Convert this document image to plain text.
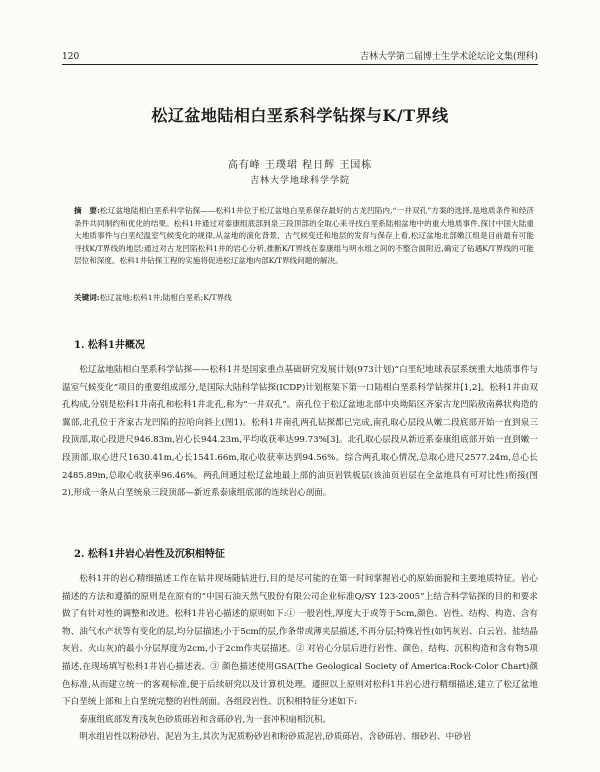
120	吉林大学第二届博士生学术论坛论文集(理科)
松辽盆地陆相白垩系科学钻探与K/T界线
高有峰 王璞珺 程日辉 王国栋
吉林大学地球科学学院
摘　要:松辽盆地陆相白垩系科学钻探——松科1井位于松辽盆地白垩系保存最好的古龙凹陷内,“一井双孔”方案的选择,是地质条件和经济条件共同制约和优化的结果。松科1井通过对泰康组底部到泉三段顶部的全取心来寻找白垩系陆相盆地中的重大地质事件,探讨中国大陆重大地质事件与白垩纪温室气候变化的规律,从盆地的演化背景、古气候变迁和地层的发育与保存上看,松辽盆地北部嫩江组是目前最有可能寻找K/T界线的地层;通过对古龙凹陷松科1井的岩心分析,推断K/T界线在泰康组与明水组之间的不整合面附近,确定了钻遇K/T界线的可能层位和深度。松科1井钻探工程的实施将促进松辽盆地内部K/T界线问题的解决。
关键词:松辽盆地;松科1井;陆相白垩系;K/T界线
1. 松科1井概况

松辽盆地陆相白垩系科学钻探——松科1井是国家重点基础研究发展计划(973计划)“白垩纪地球表层系统重大地质事件与温室气候变化”项目的重要组成部分,是国际大陆科学钻探(ICDP)计划框架下第一口陆相白垩系科学钻探井[1,2]。松科1井由双孔构成,分别是松科1井南孔和松科1井北孔,称为“一井双孔”。南孔位于松辽盆地北部中央坳陷区齐家古龙凹陷敖南鼻状构造的翼部,北孔位于齐家古龙凹陷的拉哈向斜上(图1)。松科1井南孔两孔钻探都已完成,南孔取心层段从嫩二段底部开始一直到泉三段顶部,取心段进尺946.83m,岩心长944.23m,平均收获率达99.73%[3]。北孔取心层段从新近系泰康组底部开始一直到嫩一段顶部,取心进尺1630.41m,心长1541.66m,取心收获率达到94.56%。综合两孔取心情况,总取心进尺2577.24m,总心长2485.89m,总取心收获率96.46%。两孔间通过松辽盆地最上部的油页岩铁板层(该油页岩层在全盆地具有可对比性)衔接(图2),形成一条从白垩统泉三段顶部—新近系泰康组底部的连续岩心剖面。

2. 松科1井岩心岩性及沉积相特征

松科1井的岩心精细描述工作在钻井现场随钻进行,目的是尽可能的在第一时间掌握岩心的原始面貌和主要地质特征。岩心描述的方法和遵循的原则是在原有的“中国石油天然气股份有限公司企业标准Q/SY 123-2005”上结合科学钻探的目的和要求做了有针对性的调整和改进。松科1井岩心描述的原则如下:① 一般岩性,厚度大于或等于5cm,颜色、岩性、结构、构造、含有物、油气水产状等有变化的层,均分层描述;小于5cm的层,作条带或薄夹层描述,不再分层;特殊岩性(如钙灰岩、白云岩、盐结晶灰岩、火山灰)的最小分层厚度为2cm,小于2cm作夹层描述。② 对岩心分层后进行岩性、颜色、结构、沉积构造和含有物5项描述,在现场填写松科1井岩心描述表。③ 颜色描述使用GSA(The Geological Society of America:Rock-Color Chart)颜色标准,从而建立统一的客观标准,便于后续研究以及计算机处理。遵照以上原则对松科1井岩心进行精细描述,建立了松辽盆地下白垩统上部和上白垩统完整的岩性剖面。各组段岩性、沉积相特征分述如下:

泰康组底部发育浅灰色砂质砾岩和含砾砂岩,为一套冲积扇相沉积。

明水组岩性以粉砂岩、泥岩为主,其次为泥质粉砂岩和粉砂质泥岩,砂质砾岩、含砂砾岩、细砂岩、中砂岩
